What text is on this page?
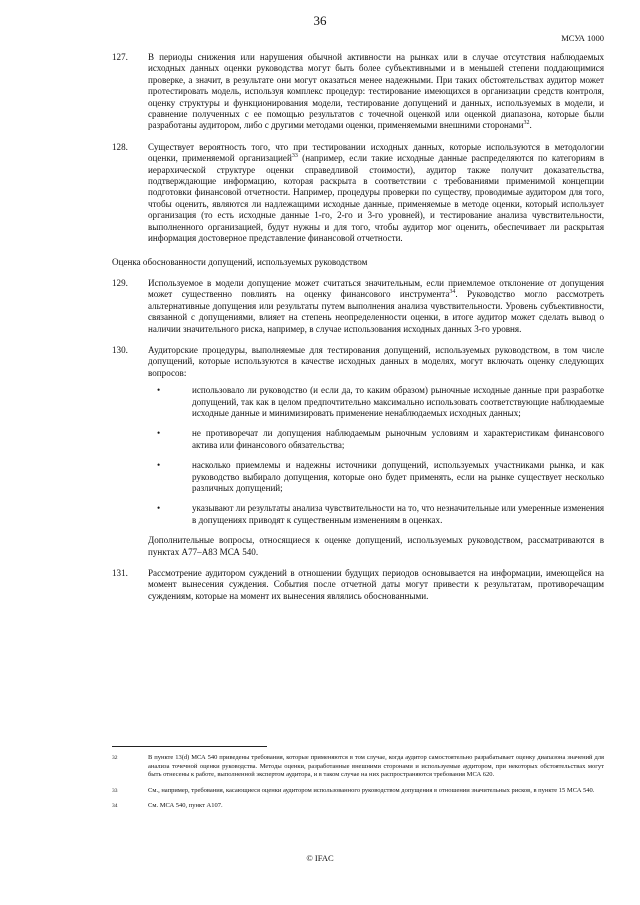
36
МСУА 1000
127. В периоды снижения или нарушения обычной активности на рынках или в случае отсутствия наблюдаемых исходных данных оценки руководства могут быть более субъективными и в меньшей степени поддающимися проверке, а значит, в результате они могут оказаться менее надежными. При таких обстоятельствах аудитор может протестировать модель, используя комплекс процедур: тестирование имеющихся в организации средств контроля, оценку структуры и функционирования модели, тестирование допущений и данных, используемых в модели, и сравнение полученных с ее помощью результатов с точечной оценкой или оценкой диапазона, которые были разработаны аудитором, либо с другими методами оценки, применяемыми внешними сторонами$^{32}$.
128. Существует вероятность того, что при тестировании исходных данных, которые используются в методологии оценки, применяемой организацией$^{33}$ (например, если такие исходные данные распределяются по категориям в иерархической структуре оценки справедливой стоимости), аудитор также получит доказательства, подтверждающие информацию, которая раскрыта в соответствии с требованиями применимой концепции подготовки финансовой отчетности. Например, процедуры проверки по существу, проводимые аудитором для того, чтобы оценить, являются ли надлежащими исходные данные, применяемые в методе оценки, который использует организация (то есть исходные данные 1-го, 2-го и 3-го уровней), и тестирование анализа чувствительности, выполненного организацией, будут нужны и для того, чтобы аудитор мог оценить, обеспечивает ли раскрытая информация достоверное представление финансовой отчетности.
Оценка обоснованности допущений, используемых руководством
129. Используемое в модели допущение может считаться значительным, если приемлемое отклонение от допущения может существенно повлиять на оценку финансового инструмента$^{34}$. Руководство могло рассмотреть альтернативные допущения или результаты путем выполнения анализа чувствительности. Уровень субъективности, связанной с допущениями, влияет на степень неопределенности оценки, в итоге аудитор может сделать вывод о наличии значительного риска, например, в случае использования исходных данных 3-го уровня.
130. Аудиторские процедуры, выполняемые для тестирования допущений, используемых руководством, в том числе допущений, которые используются в качестве исходных данных в моделях, могут включать оценку следующих вопросов:
•	использовало ли руководство (и если да, то каким образом) рыночные исходные данные при разработке допущений, так как в целом предпочтительно максимально использовать соответствующие наблюдаемые исходные данные и минимизировать применение ненаблюдаемых исходных данных;
•	не противоречат ли допущения наблюдаемым рыночным условиям и характеристикам финансового актива или финансового обязательства;
•	насколько приемлемы и надежны источники допущений, используемых участниками рынка, и как руководство выбирало допущения, которые оно будет применять, если на рынке существует несколько различных допущений;
•	указывают ли результаты анализа чувствительности на то, что незначительные или умеренные изменения в допущениях приводят к существенным изменениям в оценках.
Дополнительные вопросы, относящиеся к оценке допущений, используемых руководством, рассматриваются в пунктах A77–A83 МСА 540.
131. Рассмотрение аудитором суждений в отношении будущих периодов основывается на информации, имеющейся на момент вынесения суждения. События после отчетной даты могут привести к результатам, противоречащим суждениям, которые на момент их вынесения являлись обоснованными.
32	В пункте 13(d) МСА 540 приведены требования, которые применяются в том случае, когда аудитор самостоятельно разрабатывает оценку диапазона значений для анализа точечной оценки руководства. Методы оценки, разработанные внешними сторонами и используемые аудитором, при некоторых обстоятельствах могут быть отнесены к работе, выполненной экспертом аудитора, и в таком случае на них распространяются требования МСА 620.
33	См., например, требования, касающиеся оценки аудитором использованного руководством допущения в отношении значительных рисков, в пункте 15 МСА 540.
34	См. МСА 540, пункт A107.
© IFAC
